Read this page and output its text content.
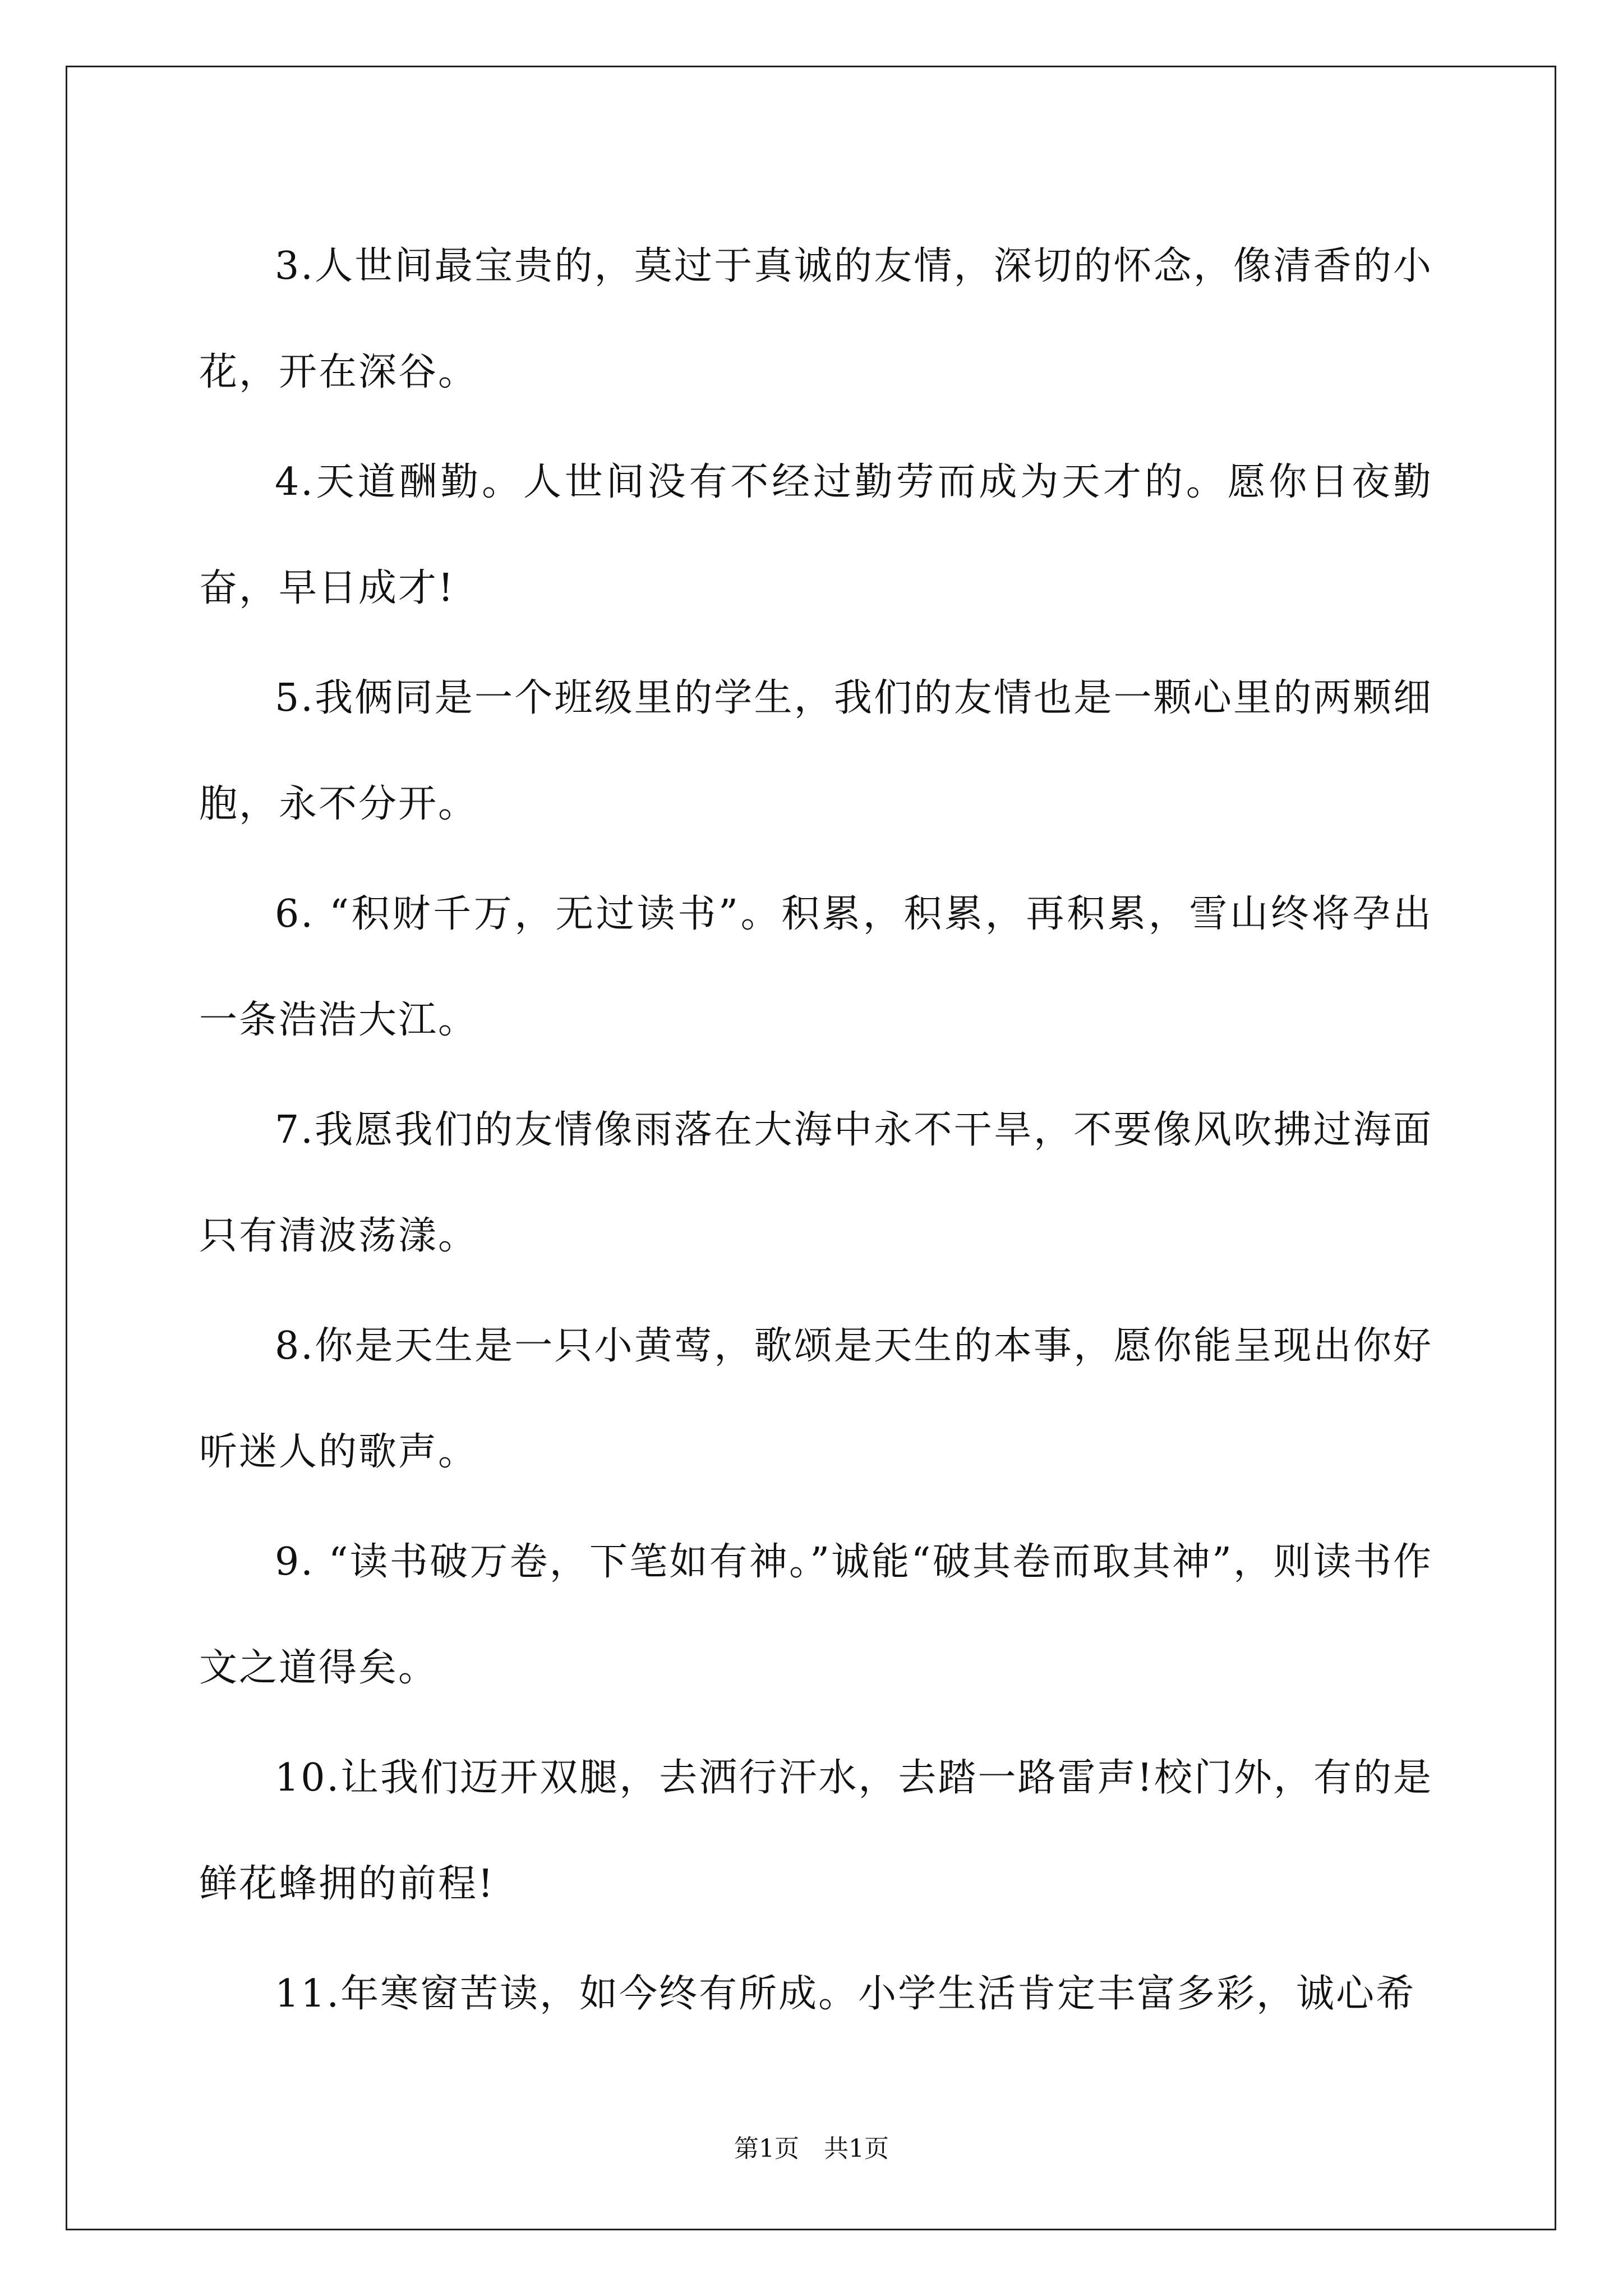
3.人世间最宝贵的，莫过于真诚的友情，深切的怀念，像清香的小花，开在深谷。

4.天道酬勤。人世间没有不经过勤劳而成为天才的。愿你日夜勤奋，早日成才!

5.我俩同是一个班级里的学生，我们的友情也是一颗心里的两颗细胞，永不分开。

6. “积财千万，无过读书”。积累，积累，再积累，雪山终将孕出一条浩浩大江。

7.我愿我们的友情像雨落在大海中永不干旱，不要像风吹拂过海面只有清波荡漾。

8.你是天生是一只小黄莺，歌颂是天生的本事，愿你能呈现出你好听迷人的歌声。

9. “读书破万卷，下笔如有神。”诚能“破其卷而取其神”，则读书作文之道得矣。

10.让我们迈开双腿，去洒行汗水，去踏一路雷声!校门外，有的是鲜花蜂拥的前程!

11.年寒窗苦读，如今终有所成。小学生活肯定丰富多彩，诚心希

第1页　共1页
